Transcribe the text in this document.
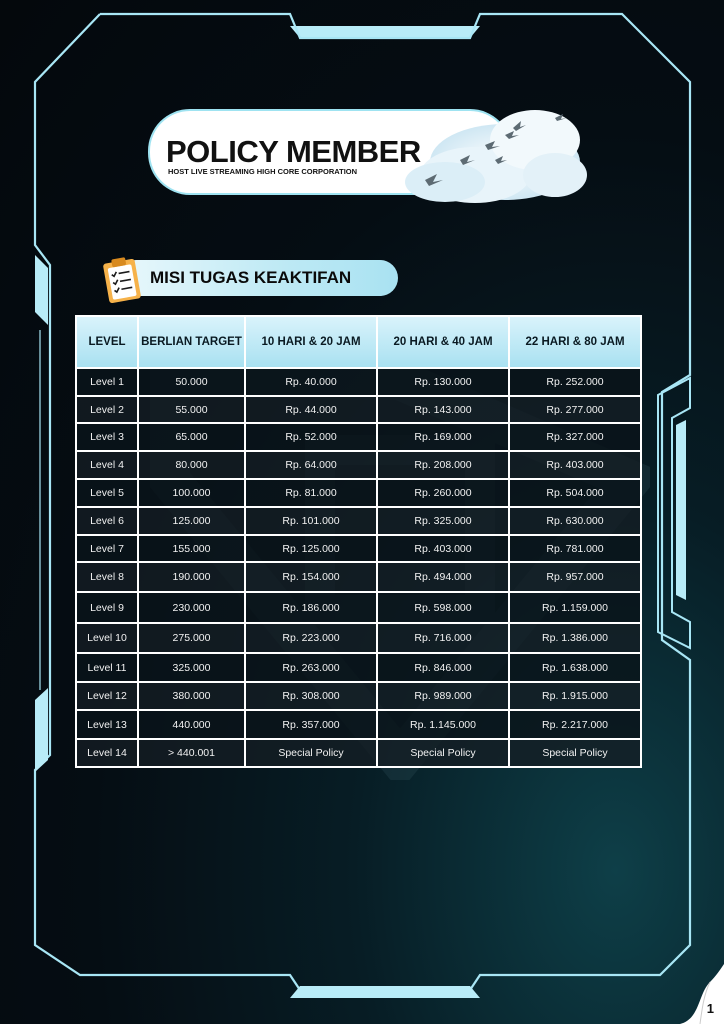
POLICY MEMBER
HOST LIVE STREAMING HIGH CORE CORPORATION
MISI TUGAS KEAKTIFAN
LEVEL	BERLIAN TARGET	10 HARI & 20 JAM	20 HARI & 40 JAM	22 HARI & 80 JAM
Level 1	50.000	Rp. 40.000	Rp. 130.000	Rp. 252.000
Level 2	55.000	Rp. 44.000	Rp. 143.000	Rp. 277.000
Level 3	65.000	Rp. 52.000	Rp. 169.000	Rp. 327.000
Level 4	80.000	Rp. 64.000	Rp. 208.000	Rp. 403.000
Level 5	100.000	Rp. 81.000	Rp. 260.000	Rp. 504.000
Level 6	125.000	Rp. 101.000	Rp. 325.000	Rp. 630.000
Level 7	155.000	Rp. 125.000	Rp. 403.000	Rp. 781.000
Level 8	190.000	Rp. 154.000	Rp. 494.000	Rp. 957.000
Level 9	230.000	Rp. 186.000	Rp. 598.000	Rp. 1.159.000
Level 10	275.000	Rp. 223.000	Rp. 716.000	Rp. 1.386.000
Level 11	325.000	Rp. 263.000	Rp. 846.000	Rp. 1.638.000
Level 12	380.000	Rp. 308.000	Rp. 989.000	Rp. 1.915.000
Level 13	440.000	Rp. 357.000	Rp. 1.145.000	Rp. 2.217.000
Level 14	> 440.001	Special Policy	Special Policy	Special Policy
1
